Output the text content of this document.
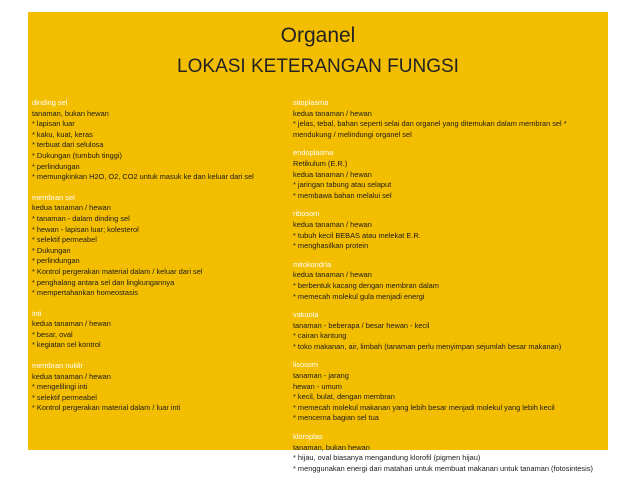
Organel
LOKASI KETERANGAN FUNGSI
dinding sel
tanaman, bukan hewan
* lapisan luar
* kaku, kuat, keras
* terbuat dari selulosa
* Dukungan (tumbuh tinggi)
* perlindungan
* memungkinkan H2O, O2, CO2 untuk masuk ke dan keluar dari sel
membran sel
kedua tanaman / hewan
* tanaman - dalam dinding sel
* hewan - lapisan luar; kolesterol
* selektif permeabel
* Dukungan
* perlindungan
* Kontrol pergerakan material dalam / keluar dari sel
* penghalang antara sel dan lingkungannya
* mempertahankan homeostasis
inti
kedua tanaman / hewan
* besar, oval
* kegiatan sel kontrol
membran nuklir
kedua tanaman / hewan
* mengelilingi inti
* selektif permeabel
* Kontrol pergerakan material dalam / luar inti
sitoplasma
kedua tanaman / hewan
* jelas, tebal, bahan seperti selai dan organel yang ditemukan dalam membran sel *
mendukung / melindungi organel sel
endoplasma
Retikulum (E.R.)
kedua tanaman / hewan
* jaringan tabung atau selaput
* membawa bahan melalui sel
ribosom
kedua tanaman / hewan
* tubuh kecil BEBAS atau melekat E.R.
* menghasilkan protein
mitokondria
kedua tanaman / hewan
* berbentuk kacang dengan membran dalam
* memecah molekul gula menjadi energi
vakuola
tanaman - beberapa / besar hewan - kecil
* cairan kantung
* toko makanan, air, limbah (tanaman perlu menyimpan sejumlah besar makanan)
lisosom
tanaman - jarang
hewan - umum
* kecil, bulat, dengan membran
* memecah molekul makanan yang lebih besar menjadi molekul yang lebih kecil
* mencerna bagian sel tua
kloroplas
tanaman, bukan hewan
* hijau, oval biasanya mengandung klorofil (pigmen hijau)
* menggunakan energi dari matahari untuk membuat makanan untuk tanaman (fotosintesis)
